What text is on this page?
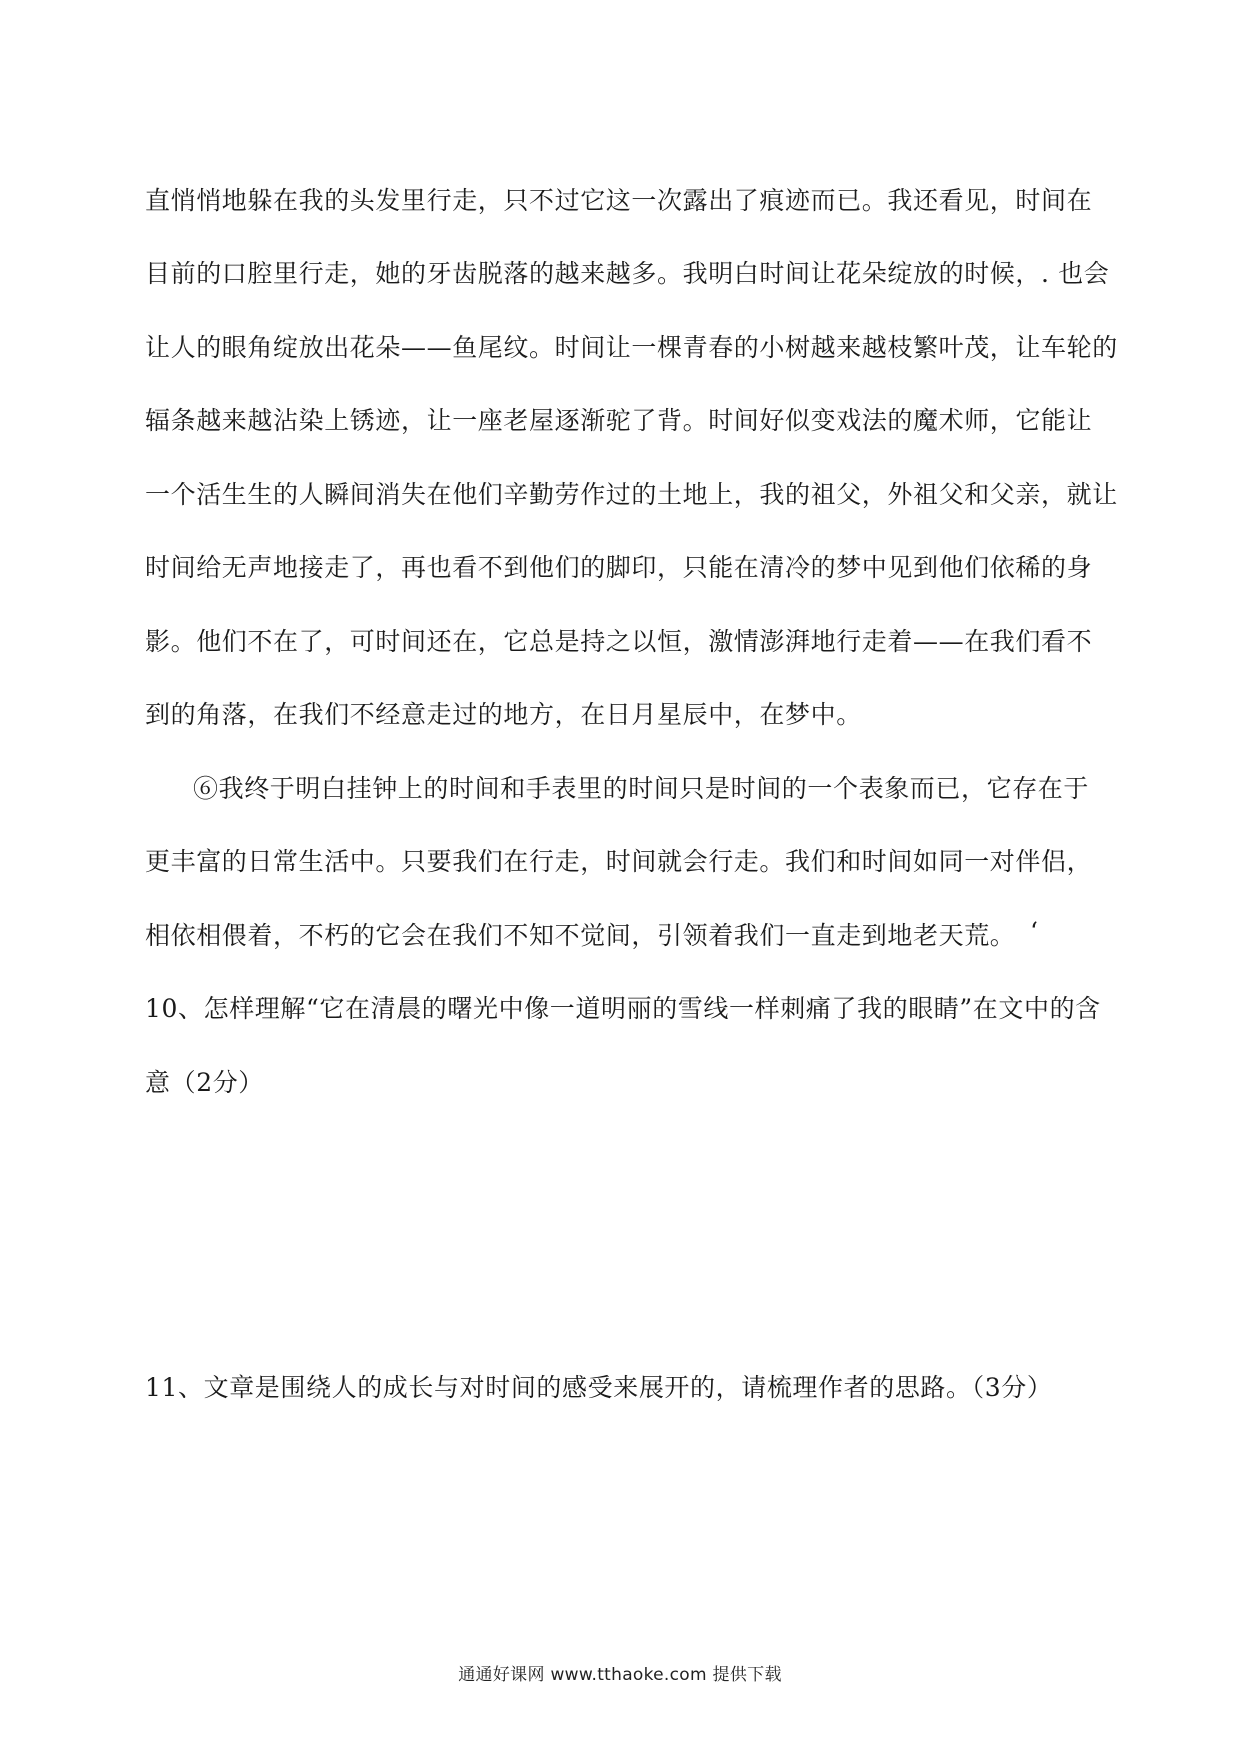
直悄悄地躲在我的头发里行走，只不过它这一次露出了痕迹而已。我还看见，时间在
目前的口腔里行走，她的牙齿脱落的越来越多。我明白时间让花朵绽放的时候，. 也会
让人的眼角绽放出花朵——鱼尾纹。时间让一棵青春的小树越来越枝繁叶茂，让车轮的
辐条越来越沾染上锈迹，让一座老屋逐渐驼了背。时间好似变戏法的魔术师，它能让
一个活生生的人瞬间消失在他们辛勤劳作过的土地上，我的祖父，外祖父和父亲，就让
时间给无声地接走了，再也看不到他们的脚印，只能在清冷的梦中见到他们依稀的身
影。他们不在了，可时间还在，它总是持之以恒，激情澎湃地行走着——在我们看不
到的角落，在我们不经意走过的地方，在日月星辰中，在梦中。
⑥我终于明白挂钟上的时间和手表里的时间只是时间的一个表象而已，它存在于
更丰富的日常生活中。只要我们在行走，时间就会行走。我们和时间如同一对伴侣，
相依相偎着，不朽的它会在我们不知不觉间，引领着我们一直走到地老天荒。 ‘
10、怎样理解“它在清晨的曙光中像一道明丽的雪线一样刺痛了我的眼睛”在文中的含
意（2分）
11、文章是围绕人的成长与对时间的感受来展开的，请梳理作者的思路。（3分）
通通好课网 www.tthaoke.com 提供下载
